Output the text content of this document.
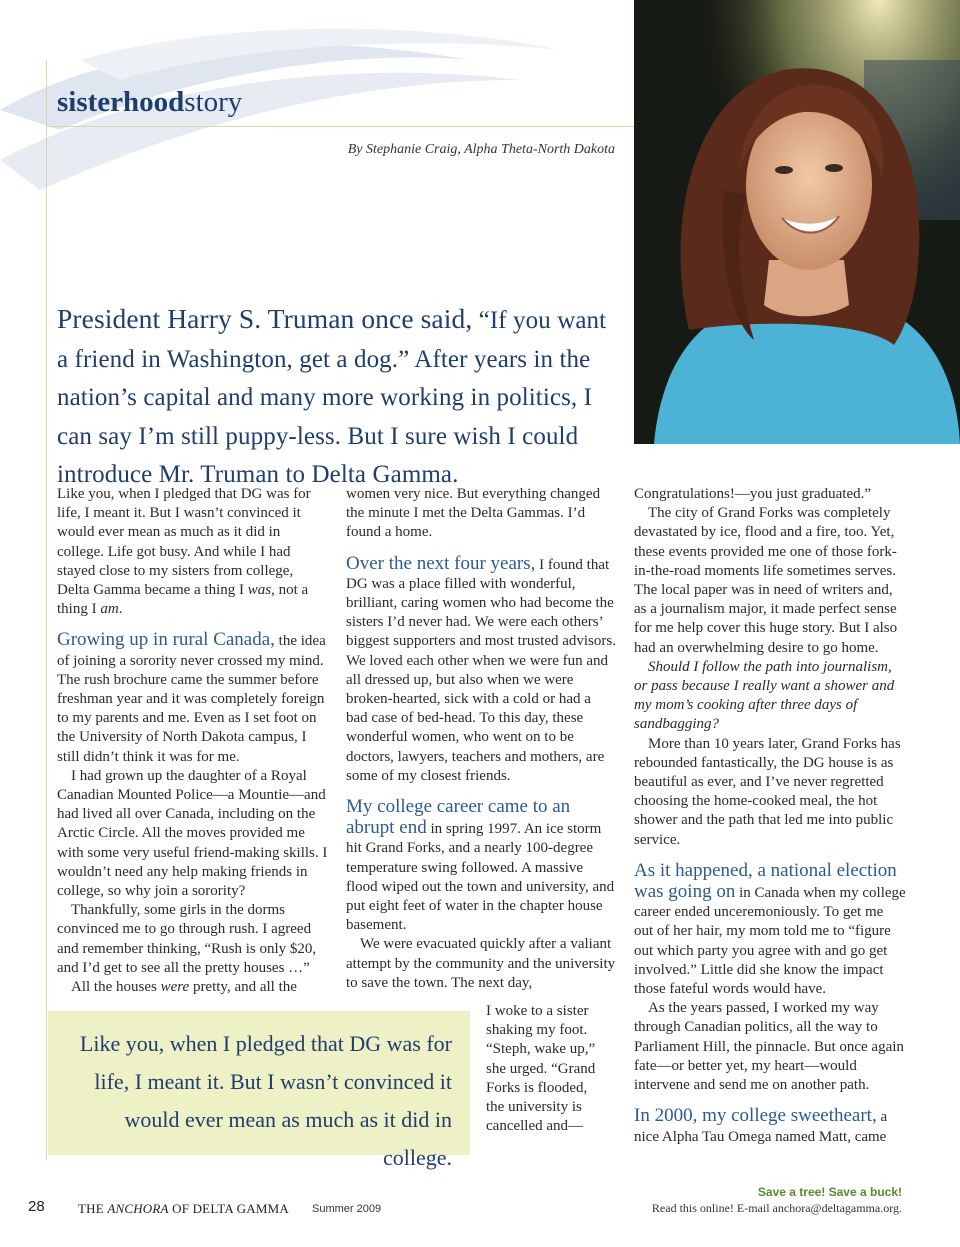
sisterhoodstory
By Stephanie Craig, Alpha Theta-North Dakota
President Harry S. Truman once said, “If you want a friend in Washington, get a dog.” After years in the nation’s capital and many more working in politics, I can say I’m still puppy-less. But I sure wish I could introduce Mr. Truman to Delta Gamma.

Like you, when I pledged that DG was for life, I meant it. But I wasn’t convinced it would ever mean as much as it did in college. Life got busy. And while I had stayed close to my sisters from college, Delta Gamma became a thing I was, not a thing I am.

Growing up in rural Canada, the idea of joining a sorority never crossed my mind. The rush brochure came the summer before freshman year and it was completely foreign to my parents and me. Even as I set foot on the University of North Dakota campus, I still didn’t think it was for me.

I had grown up the daughter of a Royal Canadian Mounted Police—a Mountie—and had lived all over Canada, including on the Arctic Circle. All the moves provided me with some very useful friend-making skills. I wouldn’t need any help making friends in college, so why join a sorority?

Thankfully, some girls in the dorms convinced me to go through rush. I agreed and remember thinking, “Rush is only $20, and I’d get to see all the pretty houses …”

All the houses were pretty, and all the

women very nice. But everything changed the minute I met the Delta Gammas. I’d found a home.

Over the next four years, I found that DG was a place filled with wonderful, brilliant, caring women who had become the sisters I’d never had. We were each others’ biggest supporters and most trusted advisors. We loved each other when we were fun and all dressed up, but also when we were broken-hearted, sick with a cold or had a bad case of bed-head. To this day, these wonderful women, who went on to be doctors, lawyers, teachers and mothers, are some of my closest friends.

My college career came to an abrupt end in spring 1997. An ice storm hit Grand Forks, and a nearly 100-degree temperature swing followed. A massive flood wiped out the town and university, and put eight feet of water in the chapter house basement.

We were evacuated quickly after a valiant attempt by the community and the university to save the town. The next day,

I woke to a sister shaking my foot. “Steph, wake up,” she urged. “Grand Forks is flooded, the university is cancelled and—

Congratulations!—you just graduated.”

The city of Grand Forks was completely devastated by ice, flood and a fire, too. Yet, these events provided me one of those fork-in-the-road moments life sometimes serves. The local paper was in need of writers and, as a journalism major, it made perfect sense for me help cover this huge story. But I also had an overwhelming desire to go home.

Should I follow the path into journalism, or pass because I really want a shower and my mom’s cooking after three days of sandbagging?

More than 10 years later, Grand Forks has rebounded fantastically, the DG house is as beautiful as ever, and I’ve never regretted choosing the home-cooked meal, the hot shower and the path that led me into public service.

As it happened, a national election was going on in Canada when my college career ended unceremoniously. To get me out of her hair, my mom told me to “figure out which party you agree with and go get involved.” Little did she know the impact those fateful words would have.

As the years passed, I worked my way through Canadian politics, all the way to Parliament Hill, the pinnacle. But once again fate—or better yet, my heart—would intervene and send me on another path.

In 2000, my college sweetheart, a nice Alpha Tau Omega named Matt, came

Like you, when I pledged that DG was for life, I meant it. But I wasn’t convinced it would ever mean as much as it did in college.
28	THE ANCHORA OF DELTA GAMMA Summer 2009
Save a tree! Save a buck!
Read this online! E-mail anchora@deltagamma.org.
